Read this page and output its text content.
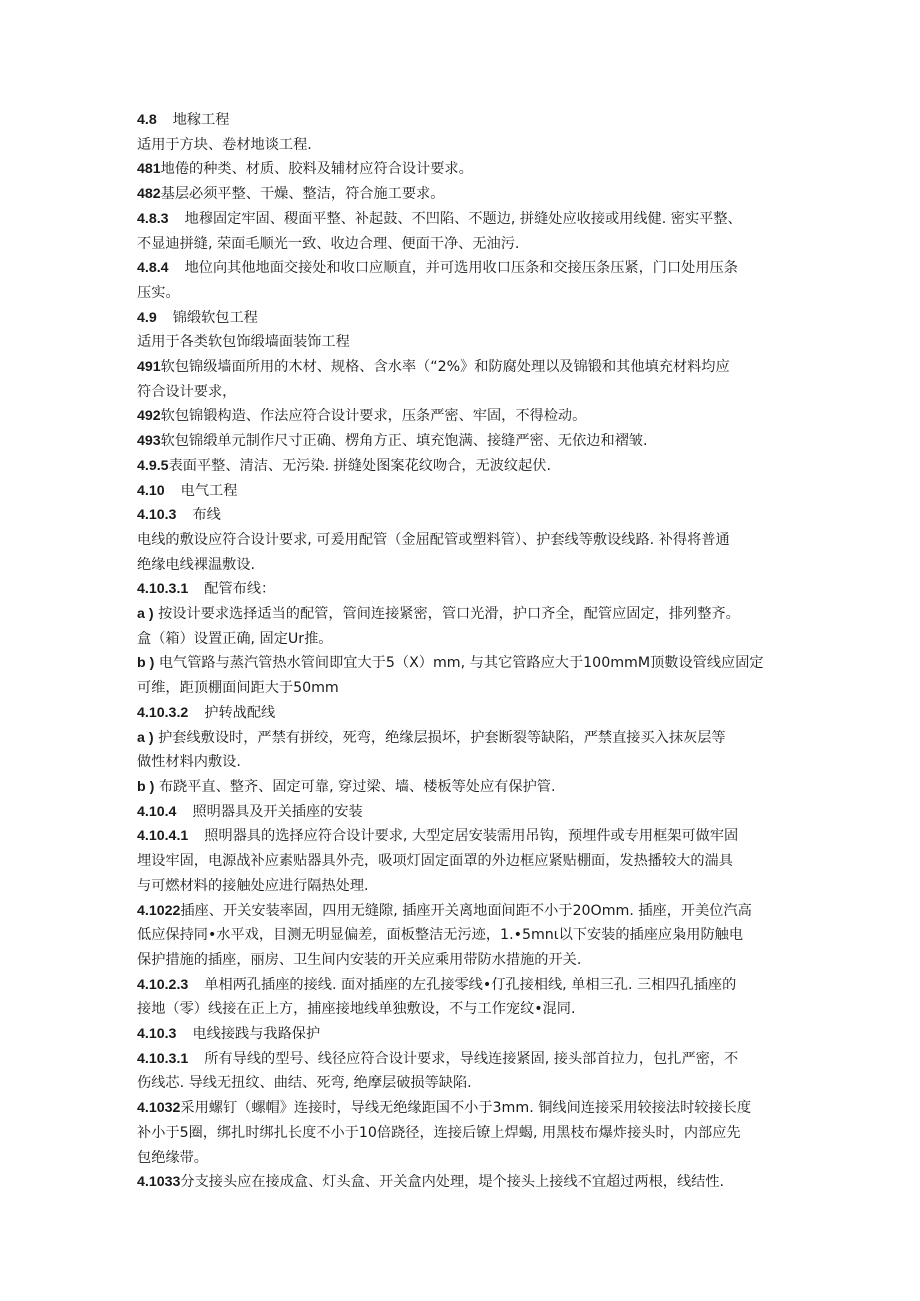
4.8 地稼工程
适用于方块、卷材地谈工程.
481地倦的种类、材质、胶料及辅材应符合设计要求。
482基层必须平整、干燥、整洁，符合施工要求。
4.8.3 地穆固定牢固、稷面平整、补起鼓、不凹陷、不题边, 拼缝处应收接或用线健. 密实平整、
不显迪拼缝, 荣面毛顺光一致、收边合理、便面干净、无油污.
4.8.4 地位向其他地面交接处和收口应顺直，并可选用收口压条和交接压条压紧，门口处用压条
压实。
4.9 锦缎软包工程
适用于各类软包饰缎墙面装饰工程
491软包锦级墙面所用的木材、规格、含水率（“2%》和防腐处理以及锦锻和其他填充材料均应
符合设计要求，
492软包锦锻构造、作法应符合设计要求，压条严密、牢固，不得检动。
493软包锦缎单元制作尺寸正确、楞角方正、填充饱满、接缝严密、无依边和褶皱.
4.9.5表面平整、清洁、无污染. 拼缝处图案花纹吻合，无波纹起伏.
4.10 电气工程
4.10.3 布线
电线的敷设应符合设计要求, 可爰用配管（金屈配管或塑料管）、护套线等敷设线路. 补得将普通
绝缘电线裸温敷设.
4.10.3.1 配管布线：
a ) 按设计要求选择适当的配管，管间连接紧密，管口光滑，护口齐全，配管应固定，排列整齐。
盒（箱）设置正确, 固定Ur推。
b ) 电气管路与蒸汽管热水管间即宜大于5（X）mm, 与其它管路应大于100mmM顶數设管线应固定
可维，距顶棚面间距大于50mm
4.10.3.2 护转战配线
a ) 护套线敷设时，严禁有拼绞，死弯，绝缘层损坏，护套断裂等缺陷，严禁直接买入抹灰层等
做性材料内敷设.
b ) 布跷平直、整齐、固定可靠, 穿过梁、墙、楼板等处应有保护管.
4.10.4 照明器具及开关插座的安装
4.10.4.1 照明器具的选择应符合设计要求, 大型定居安装需用吊钩，预埋件或专用框架可做牢固
埋设牢固，电源战补应素贴器具外壳，吸项灯固定面罩的外边框应紧贴棚面，发热播较大的湍具
与可燃材料的接触处应进行隔热处理.
4.1022插座、开关安装率固，四用无缝隙, 插座开关离地面间距不小于20Omm. 插座，开美位汽高
低应保持同•水平戏，目测无明显偏差，面板整洁无污迹，1.•5mnι以下安装的插座应枭用防触电
保护措施的插座，丽房、卫生间内安装的开关应乘用带防水措施的开关.
4.10.2.3 单相两孔插座的接线. 面对插座的左孔接零线•仃孔接相线, 单相三孔. 三相四孔插座的
接地（零）线接在正上方，捕座接地线单独敷设，不与工作宠纹•混同.
4.10.3 电线接践与我路保护
4.10.3.1 所有导线的型号、线径应符合设计要求，导线连接紧固, 接头部首拉力，包扎严密，不
伤线芯. 导线无扭纹、曲结、死弯, 绝摩层破损等缺陷.
4.1032采用螺钉（螺帽》连接时，导线无绝缘距国不小于3mm. 铜线间连接采用较接法时较接长度
补小于5圈，绑扎时绑扎长度不小于10倍跷径，连接后镣上焊蝎, 用黑枝布爆炸接头时，内部应先
包绝缘带。
4.1033分支接头应在接成盒、灯头盒、开关盒内处理，堤个接头上接线不宜超过两根，线结性.
